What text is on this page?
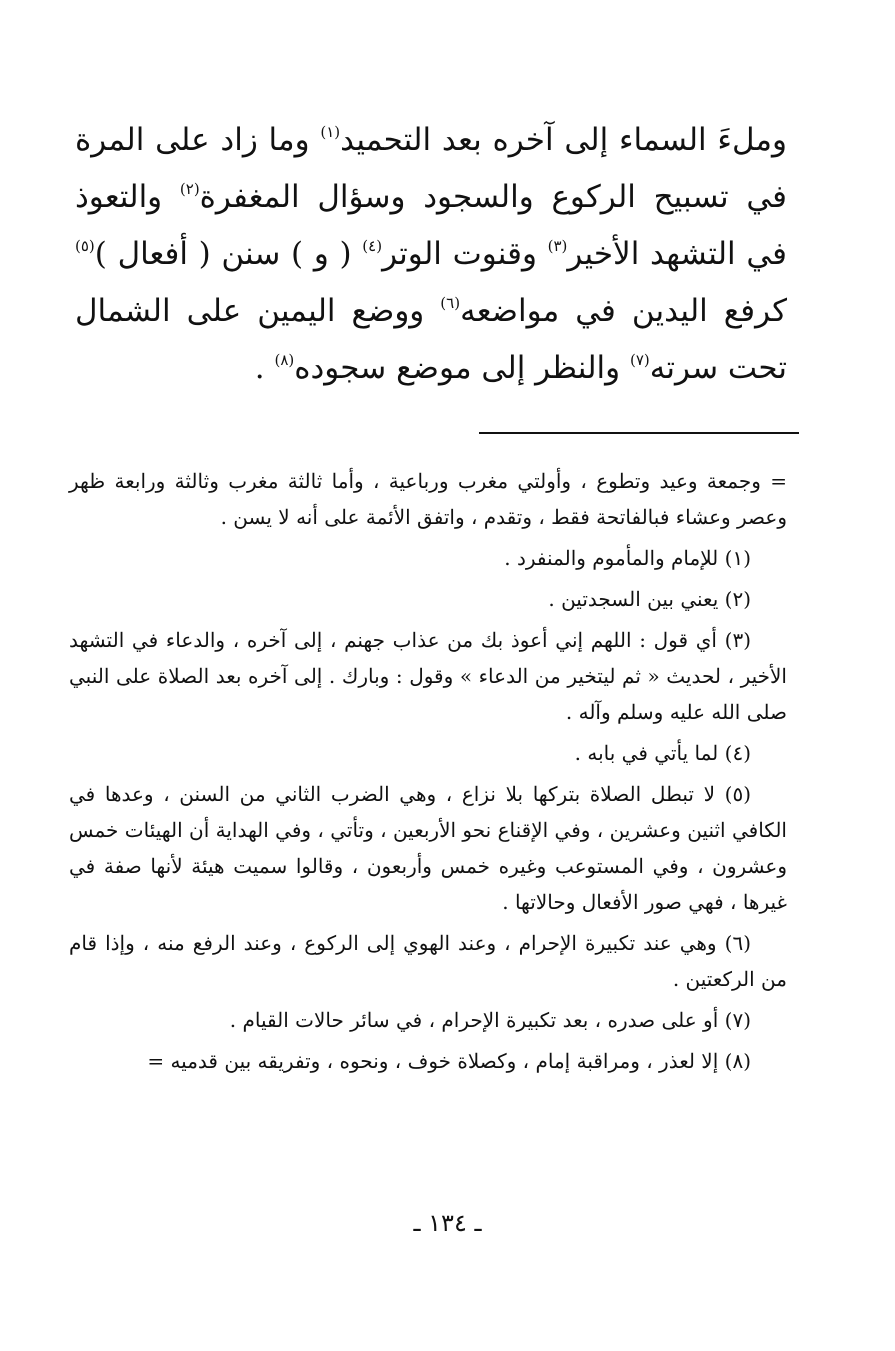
وملءَ السماء إلى آخره بعد التحميد$^{(١)}$ وما زاد على المرة في تسبيح الركوع والسجود وسؤال المغفرة$^{(٢)}$ والتعوذ في التشهد الأخير$^{(٣)}$ وقنوت الوتر$^{(٤)}$ ( و ) سنن ( أفعال )$^{(٥)}$ كرفع اليدين في مواضعه$^{(٦)}$ ووضع اليمين على الشمال تحت سرته$^{(٧)}$ والنظر إلى موضع سجوده$^{(٨)}$ .

= وجمعة وعيد وتطوع ، وأولتي مغرب ورباعية ، وأما ثالثة مغرب وثالثة ورابعة ظهر وعصر وعشاء فبالفاتحة فقط ، وتقدم ، واتفق الأئمة على أنه لا يسن .

(١) للإمام والمأموم والمنفرد .

(٢) يعني بين السجدتين .

(٣) أي قول : اللهم إني أعوذ بك من عذاب جهنم ، إلى آخره ، والدعاء في التشهد الأخير ، لحديث « ثم ليتخير من الدعاء » وقول : وبارك . إلى آخره بعد الصلاة على النبي صلى الله عليه وسلم وآله .

(٤) لما يأتي في بابه .

(٥) لا تبطل الصلاة بتركها بلا نزاع ، وهي الضرب الثاني من السنن ، وعدها في الكافي اثنين وعشرين ، وفي الإقناع نحو الأربعين ، وتأتي ، وفي الهداية أن الهيئات خمس وعشرون ، وفي المستوعب وغيره خمس وأربعون ، وقالوا سميت هيئة لأنها صفة في غيرها ، فهي صور الأفعال وحالاتها .

(٦) وهي عند تكبيرة الإحرام ، وعند الهوي إلى الركوع ، وعند الرفع منه ، وإذا قام من الركعتين .

(٧) أو على صدره ، بعد تكبيرة الإحرام ، في سائر حالات القيام .

(٨) إلا لعذر ، ومراقبة إمام ، وكصلاة خوف ، ونحوه ، وتفريقه بين قدميه =

ـ ١٣٤ ـ
